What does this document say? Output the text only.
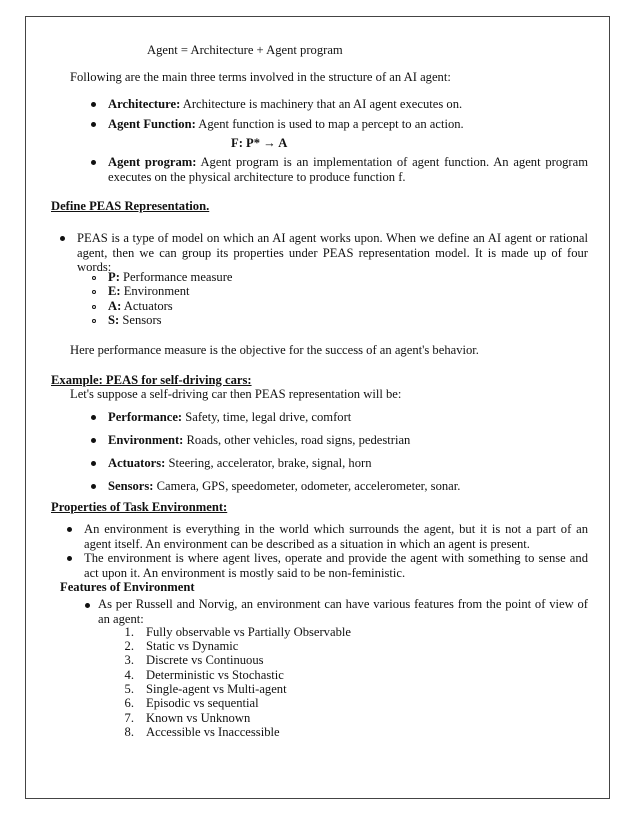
Agent = Architecture + Agent program
Following are the main three terms involved in the structure of an AI agent:
Architecture: Architecture is machinery that an AI agent executes on.
Agent Function: Agent function is used to map a percept to an action.
F: P* → A
Agent program: Agent program is an implementation of agent function. An agent program executes on the physical architecture to produce function f.
Define PEAS Representation.
PEAS is a type of model on which an AI agent works upon. When we define an AI agent or rational agent, then we can group its properties under PEAS representation model. It is made up of four words:
P: Performance measure
E: Environment
A: Actuators
S: Sensors
Here performance measure is the objective for the success of an agent's behavior.
Example: PEAS for self-driving cars:
Let's suppose a self-driving car then PEAS representation will be:
Performance: Safety, time, legal drive, comfort
Environment: Roads, other vehicles, road signs, pedestrian
Actuators: Steering, accelerator, brake, signal, horn
Sensors: Camera, GPS, speedometer, odometer, accelerometer, sonar.
Properties of Task Environment:
An environment is everything in the world which surrounds the agent, but it is not a part of an agent itself. An environment can be described as a situation in which an agent is present.
The environment is where agent lives, operate and provide the agent with something to sense and act upon it. An environment is mostly said to be non-feministic.
Features of Environment
As per Russell and Norvig, an environment can have various features from the point of view of an agent:
1. Fully observable vs Partially Observable
2. Static vs Dynamic
3. Discrete vs Continuous
4. Deterministic vs Stochastic
5. Single-agent vs Multi-agent
6. Episodic vs sequential
7. Known vs Unknown
8. Accessible vs Inaccessible
